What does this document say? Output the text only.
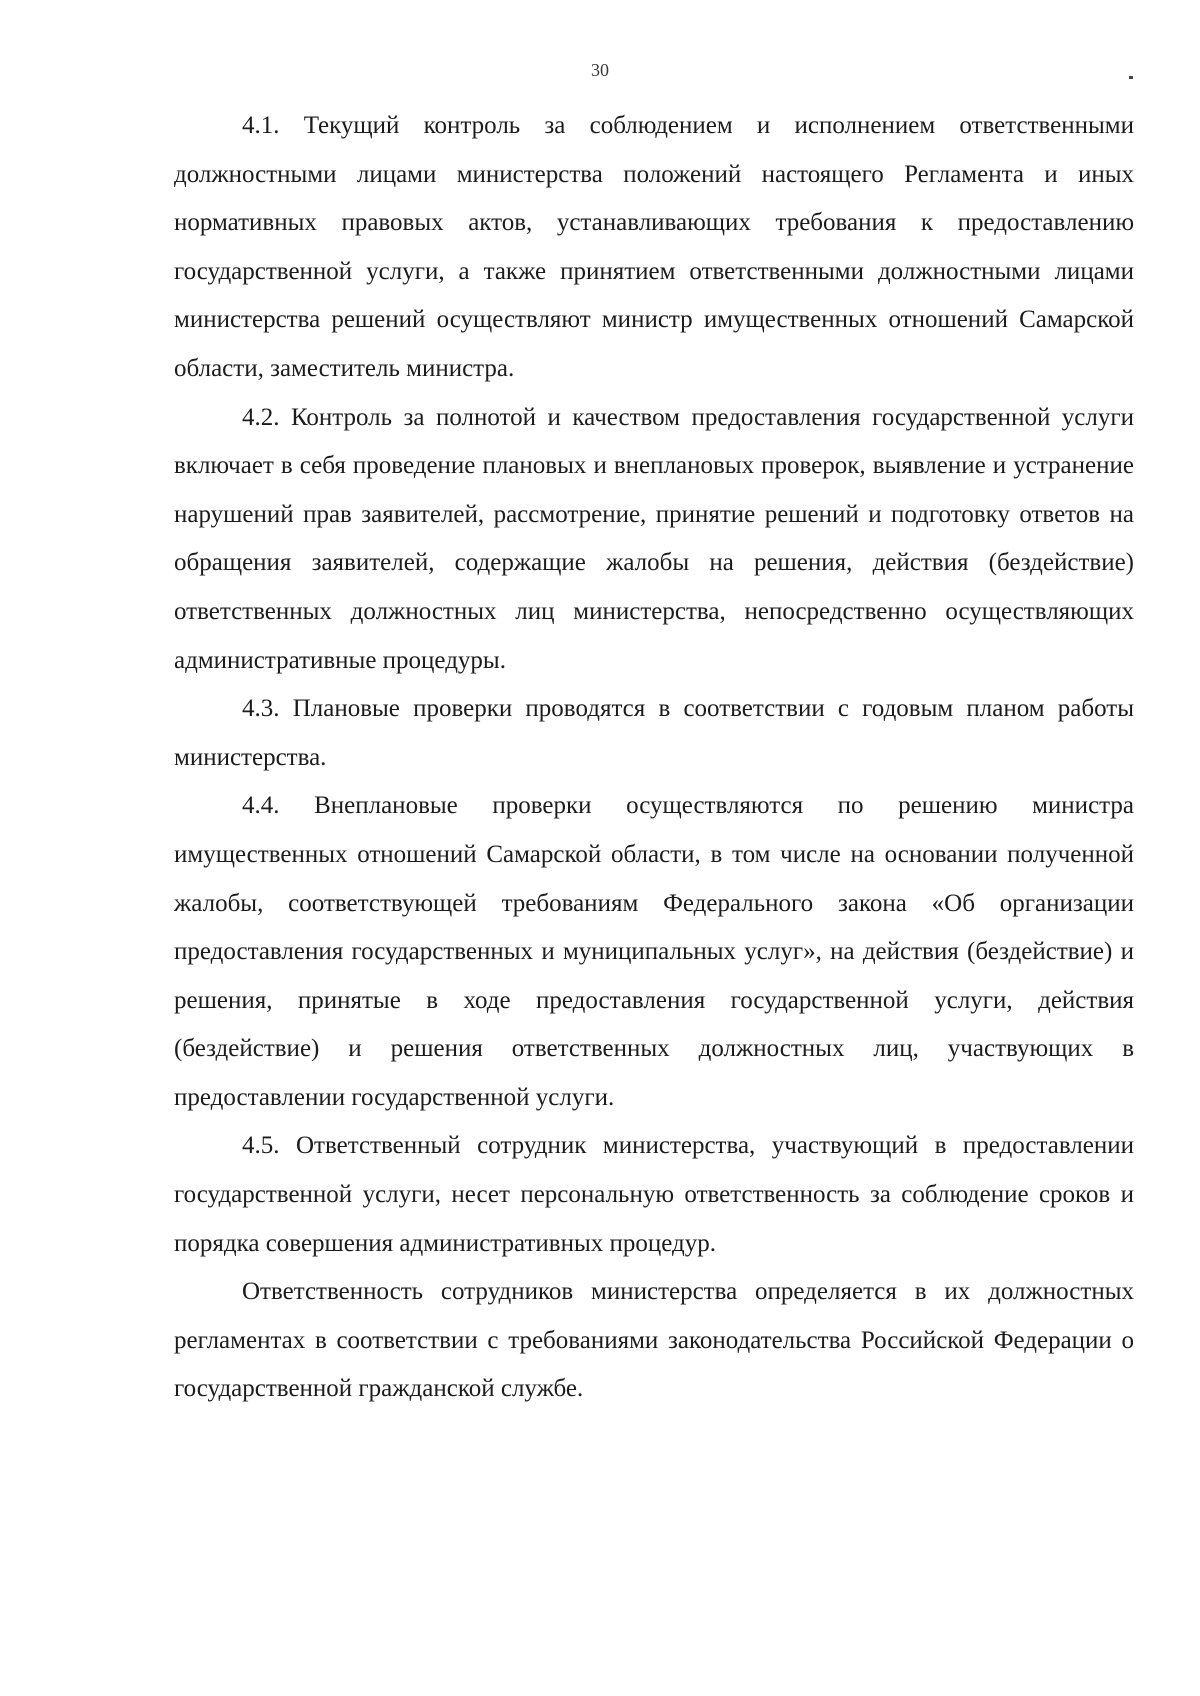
30

4.1. Текущий контроль за соблюдением и исполнением ответственными должностными лицами министерства положений настоящего Регламента и иных нормативных правовых актов, устанавливающих требования к предоставлению государственной услуги, а также принятием ответственными должностными лицами министерства решений осуществляют министр имущественных отношений Самарской области, заместитель министра.

4.2. Контроль за полнотой и качеством предоставления государственной услуги включает в себя проведение плановых и внеплановых проверок, выявление и устранение нарушений прав заявителей, рассмотрение, принятие решений и подготовку ответов на обращения заявителей, содержащие жалобы на решения, действия (бездействие) ответственных должностных лиц министерства, непосредственно осуществляющих административные процедуры.

4.3. Плановые проверки проводятся в соответствии с годовым планом работы министерства.

4.4. Внеплановые проверки осуществляются по решению министра имущественных отношений Самарской области, в том числе на основании полученной жалобы, соответствующей требованиям Федерального закона «Об организации предоставления государственных и муниципальных услуг», на действия (бездействие) и решения, принятые в ходе предоставления государственной услуги, действия (бездействие) и решения ответственных должностных лиц, участвующих в предоставлении государственной услуги.

4.5. Ответственный сотрудник министерства, участвующий в предоставлении государственной услуги, несет персональную ответственность за соблюдение сроков и порядка совершения административных процедур.

Ответственность сотрудников министерства определяется в их должностных регламентах в соответствии с требованиями законодательства Российской Федерации о государственной гражданской службе.
